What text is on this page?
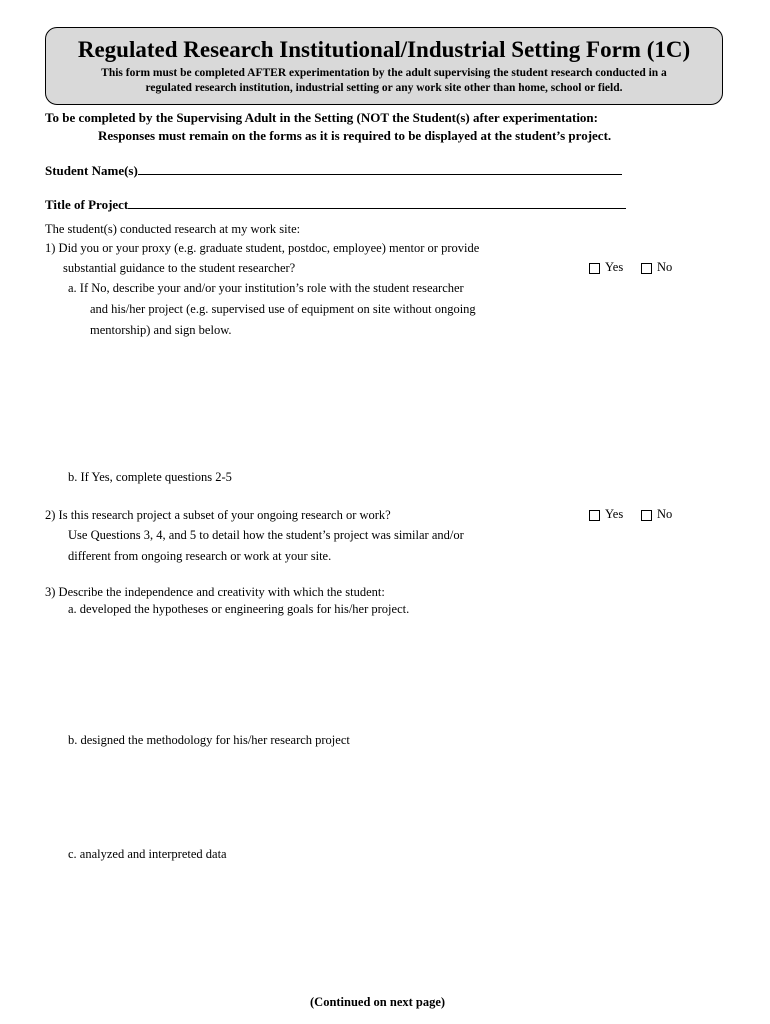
Regulated Research Institutional/Industrial Setting Form (1C)
This form must be completed AFTER experimentation by the adult supervising the student research conducted in a
regulated research institution, industrial setting or any work site other than home, school or field.
To be completed by the Supervising Adult in the Setting (NOT the Student(s) after experimentation:
Responses must remain on the forms as it is required to be displayed at the student’s project.
Student Name(s)
Title of Project
The student(s) conducted research at my work site:
1) Did you or your proxy (e.g. graduate student, postdoc, employee) mentor or provide
substantial guidance to the student researcher?	Yes	No
a. If No, describe your and/or your institution’s role with the student researcher
and his/her project (e.g. supervised use of equipment on site without ongoing
mentorship) and sign below.
b. If Yes, complete questions 2-5
2) Is this research project a subset of your ongoing research or work?	Yes	No
Use Questions 3, 4, and 5 to detail how the student’s project was similar and/or
different from ongoing research or work at your site.
3) Describe the independence and creativity with which the student:
a. developed the hypotheses or engineering goals for his/her project.
b. designed the methodology for his/her research project
c. analyzed and interpreted data
(Continued on next page)
